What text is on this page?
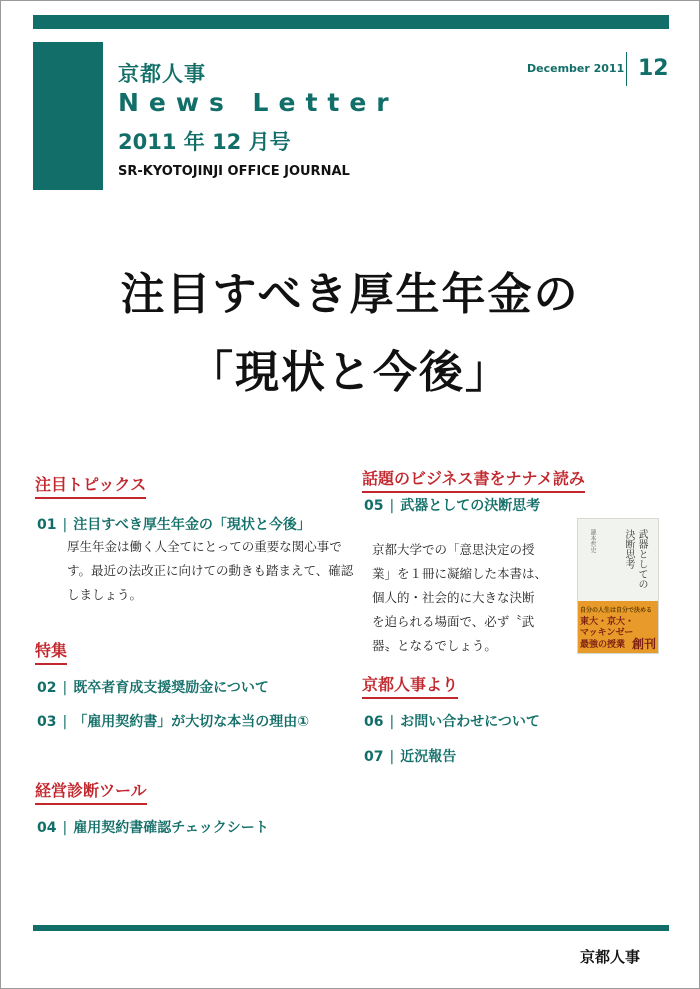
京都人事
News Letter
2011 年 12 月号
SR-KYOTOJINJI OFFICE JOURNAL
December 2011 12
注目すべき厚生年金の
「現状と今後」
注目トピックス
01 | 注目すべき厚生年金の「現状と今後」
厚生年金は働く人全てにとっての重要な関心事で
す。最近の法改正に向けての動きも踏まえて、確認
しましょう。
特集
02 | 既卒者育成支援奨励金について
03 | 「雇用契約書」が大切な本当の理由①
経営診断ツール
04 | 雇用契約書確認チェックシート
話題のビジネス書をナナメ読み
05 | 武器としての決断思考
京都大学での「意思決定の授
業」を１冊に凝縮した本書は、
個人的・社会的に大きな決断
を迫られる場面で、必ず〝武
器〟となるでしょう。
武器としての
決断思考
瀧本哲史
自分の人生は自分で決める
東大・京大・
マッキンゼー
最強の授業 創刊
京都人事より
06 | お問い合わせについて
07 | 近況報告
京都人事
